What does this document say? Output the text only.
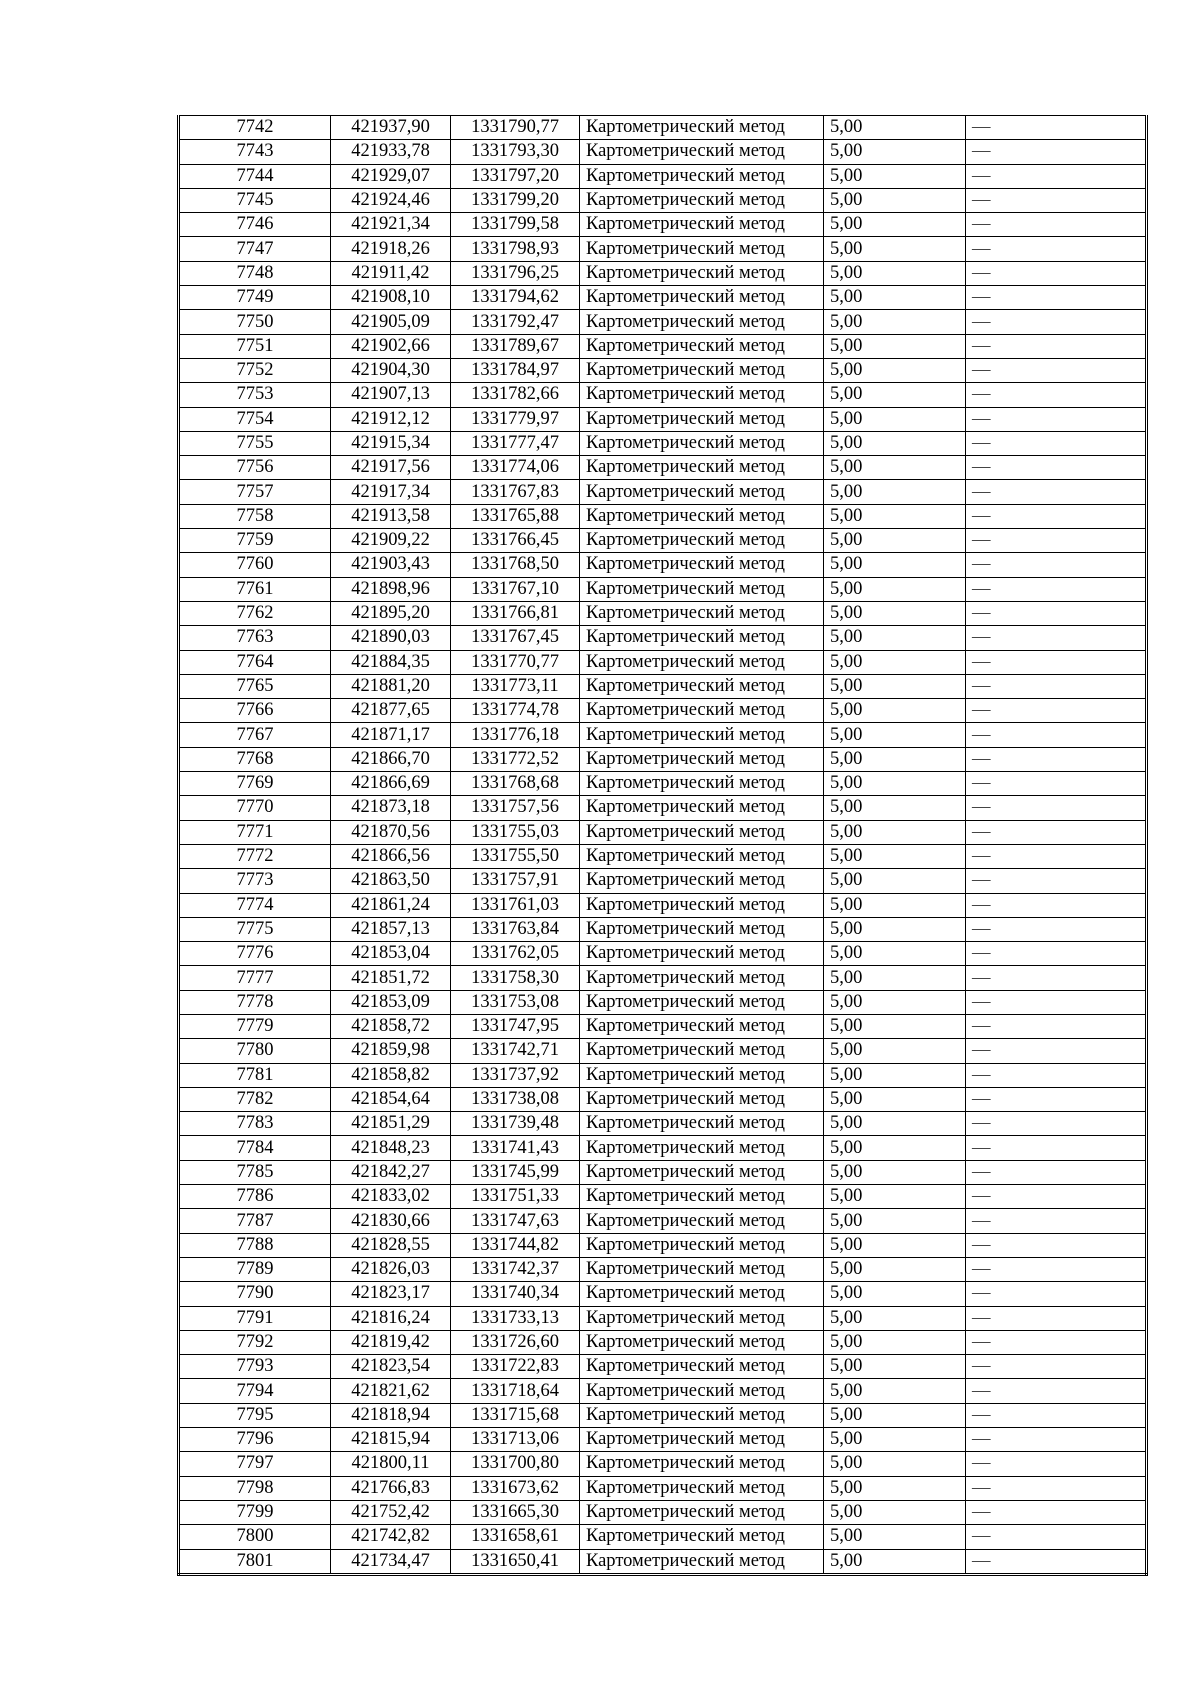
7742	421937,90	1331790,77	Картометрический метод	5,00	—
7743	421933,78	1331793,30	Картометрический метод	5,00	—
7744	421929,07	1331797,20	Картометрический метод	5,00	—
7745	421924,46	1331799,20	Картометрический метод	5,00	—
7746	421921,34	1331799,58	Картометрический метод	5,00	—
7747	421918,26	1331798,93	Картометрический метод	5,00	—
7748	421911,42	1331796,25	Картометрический метод	5,00	—
7749	421908,10	1331794,62	Картометрический метод	5,00	—
7750	421905,09	1331792,47	Картометрический метод	5,00	—
7751	421902,66	1331789,67	Картометрический метод	5,00	—
7752	421904,30	1331784,97	Картометрический метод	5,00	—
7753	421907,13	1331782,66	Картометрический метод	5,00	—
7754	421912,12	1331779,97	Картометрический метод	5,00	—
7755	421915,34	1331777,47	Картометрический метод	5,00	—
7756	421917,56	1331774,06	Картометрический метод	5,00	—
7757	421917,34	1331767,83	Картометрический метод	5,00	—
7758	421913,58	1331765,88	Картометрический метод	5,00	—
7759	421909,22	1331766,45	Картометрический метод	5,00	—
7760	421903,43	1331768,50	Картометрический метод	5,00	—
7761	421898,96	1331767,10	Картометрический метод	5,00	—
7762	421895,20	1331766,81	Картометрический метод	5,00	—
7763	421890,03	1331767,45	Картометрический метод	5,00	—
7764	421884,35	1331770,77	Картометрический метод	5,00	—
7765	421881,20	1331773,11	Картометрический метод	5,00	—
7766	421877,65	1331774,78	Картометрический метод	5,00	—
7767	421871,17	1331776,18	Картометрический метод	5,00	—
7768	421866,70	1331772,52	Картометрический метод	5,00	—
7769	421866,69	1331768,68	Картометрический метод	5,00	—
7770	421873,18	1331757,56	Картометрический метод	5,00	—
7771	421870,56	1331755,03	Картометрический метод	5,00	—
7772	421866,56	1331755,50	Картометрический метод	5,00	—
7773	421863,50	1331757,91	Картометрический метод	5,00	—
7774	421861,24	1331761,03	Картометрический метод	5,00	—
7775	421857,13	1331763,84	Картометрический метод	5,00	—
7776	421853,04	1331762,05	Картометрический метод	5,00	—
7777	421851,72	1331758,30	Картометрический метод	5,00	—
7778	421853,09	1331753,08	Картометрический метод	5,00	—
7779	421858,72	1331747,95	Картометрический метод	5,00	—
7780	421859,98	1331742,71	Картометрический метод	5,00	—
7781	421858,82	1331737,92	Картометрический метод	5,00	—
7782	421854,64	1331738,08	Картометрический метод	5,00	—
7783	421851,29	1331739,48	Картометрический метод	5,00	—
7784	421848,23	1331741,43	Картометрический метод	5,00	—
7785	421842,27	1331745,99	Картометрический метод	5,00	—
7786	421833,02	1331751,33	Картометрический метод	5,00	—
7787	421830,66	1331747,63	Картометрический метод	5,00	—
7788	421828,55	1331744,82	Картометрический метод	5,00	—
7789	421826,03	1331742,37	Картометрический метод	5,00	—
7790	421823,17	1331740,34	Картометрический метод	5,00	—
7791	421816,24	1331733,13	Картометрический метод	5,00	—
7792	421819,42	1331726,60	Картометрический метод	5,00	—
7793	421823,54	1331722,83	Картометрический метод	5,00	—
7794	421821,62	1331718,64	Картометрический метод	5,00	—
7795	421818,94	1331715,68	Картометрический метод	5,00	—
7796	421815,94	1331713,06	Картометрический метод	5,00	—
7797	421800,11	1331700,80	Картометрический метод	5,00	—
7798	421766,83	1331673,62	Картометрический метод	5,00	—
7799	421752,42	1331665,30	Картометрический метод	5,00	—
7800	421742,82	1331658,61	Картометрический метод	5,00	—
7801	421734,47	1331650,41	Картометрический метод	5,00	—
